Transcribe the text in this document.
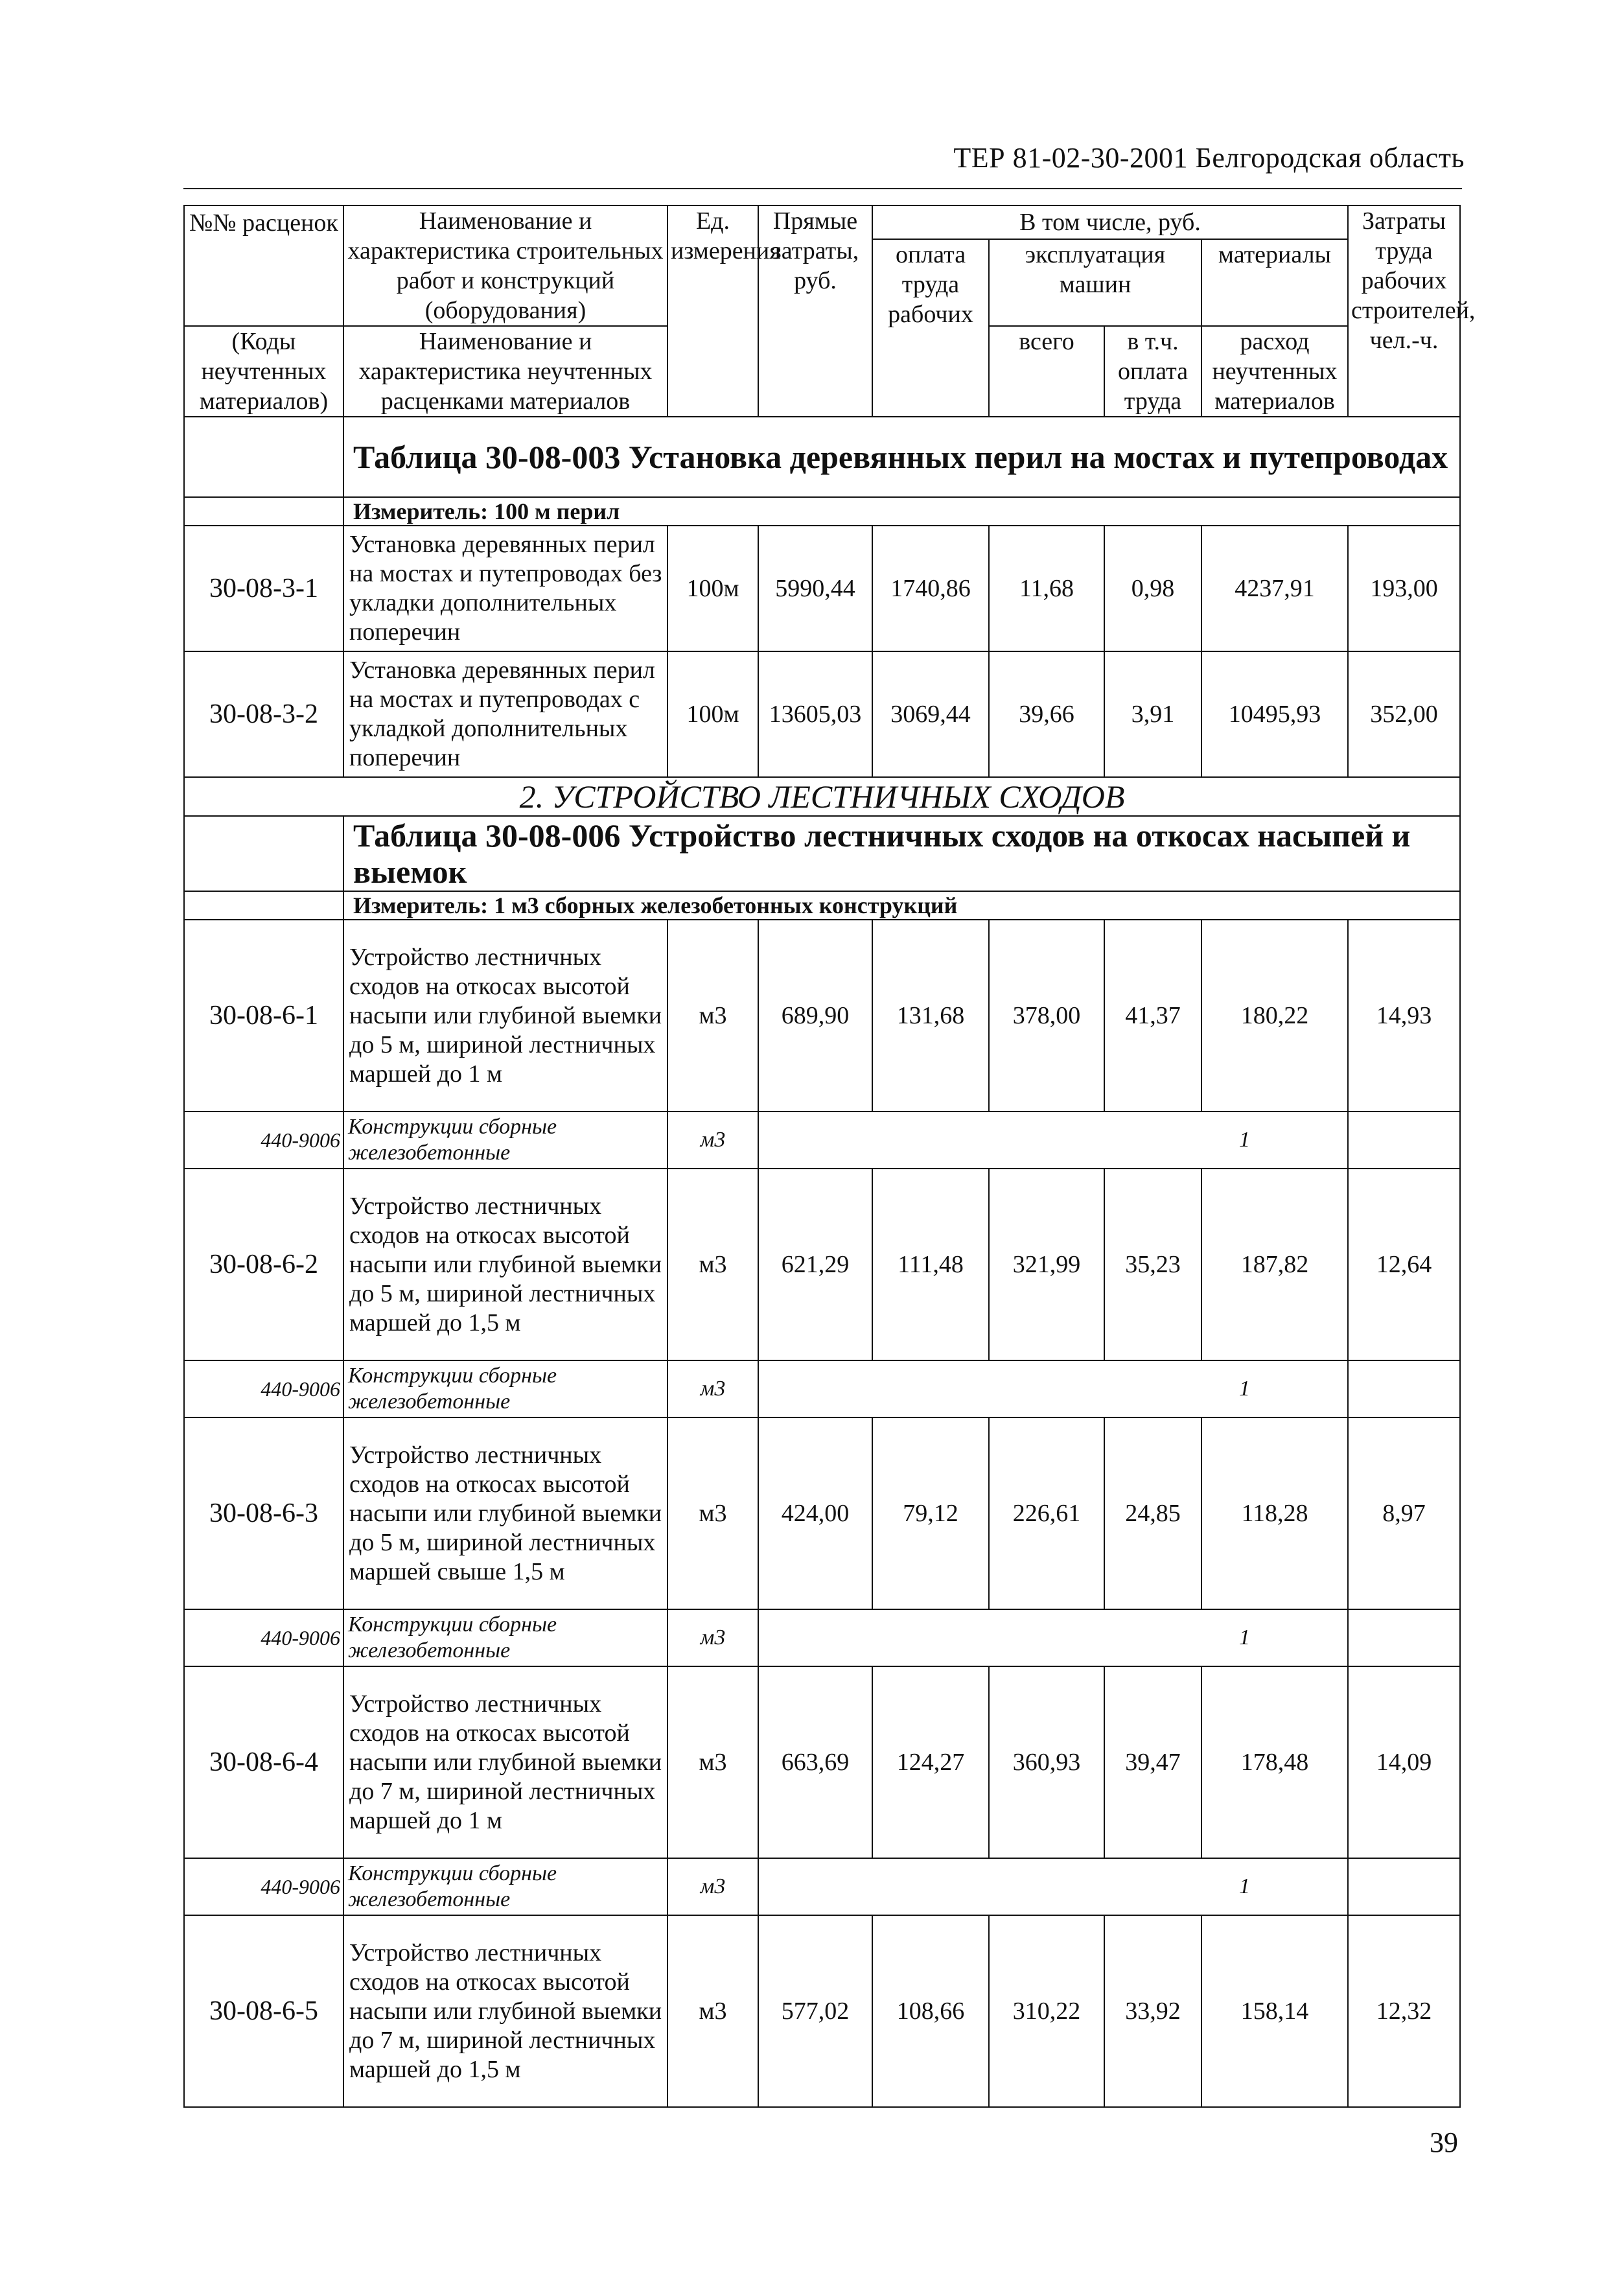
ТЕР 81-02-30-2001 Белгородская область
№№ расценок	Наименование и характеристика строительных работ и конструкций (оборудования)	Ед. измерения	Прямые затраты, руб.	В том числе, руб.				Затраты труда рабочих строителей, чел.-ч.
				оплата труда рабочих	эксплуатация машин		материалы	
(Коды неучтенных материалов)	Наименование и характеристика неучтенных расценками материалов				всего	в т.ч. оплата труда	расход неучтенных материалов	

	Таблица 30-08-003 Установка деревянных перил на мостах и путепроводах							
	Измеритель: 100 м перил							
30-08-3-1	Установка деревянных перил на мостах и путепроводах без укладки дополнительных поперечин	100м	5990,44	1740,86	11,68	0,98	4237,91	193,00
30-08-3-2	Установка деревянных перил на мостах и путепроводах с укладкой дополнительных поперечин	100м	13605,03	3069,44	39,66	3,91	10495,93	352,00
2. УСТРОЙСТВО ЛЕСТНИЧНЫХ СХОДОВ								
	Таблица 30-08-006 Устройство лестничных сходов на откосах насыпей и выемок							
	Измеритель: 1 м3 сборных железобетонных конструкций							
30-08-6-1	Устройство лестничных сходов на откосах высотой насыпи или глубиной выемки до 5 м, шириной лестничных маршей до 1 м	м3	689,90	131,68	378,00	41,37	180,22	14,93
440-9006	Конструкции сборные железобетонные	м3	1					
30-08-6-2	Устройство лестничных сходов на откосах высотой насыпи или глубиной выемки до 5 м, шириной лестничных маршей до 1,5 м	м3	621,29	111,48	321,99	35,23	187,82	12,64
440-9006	Конструкции сборные железобетонные	м3	1					
30-08-6-3	Устройство лестничных сходов на откосах высотой насыпи или глубиной выемки до 5 м, шириной лестничных маршей свыше 1,5 м	м3	424,00	79,12	226,61	24,85	118,28	8,97
440-9006	Конструкции сборные железобетонные	м3	1					
30-08-6-4	Устройство лестничных сходов на откосах высотой насыпи или глубиной выемки до 7 м, шириной лестничных маршей до 1 м	м3	663,69	124,27	360,93	39,47	178,48	14,09
440-9006	Конструкции сборные железобетонные	м3	1					
30-08-6-5	Устройство лестничных сходов на откосах высотой насыпи или глубиной выемки до 7 м, шириной лестничных маршей до 1,5 м	м3	577,02	108,66	310,22	33,92	158,14	12,32
39
